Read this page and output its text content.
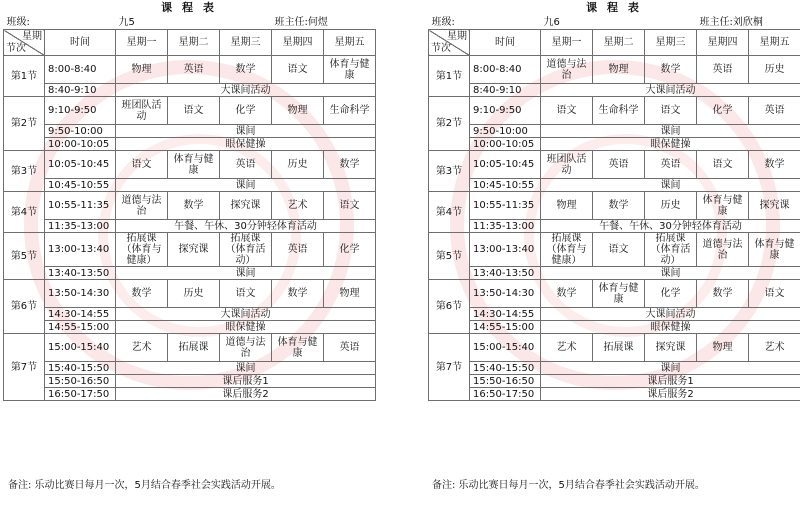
课 程 表
班级:		九5			班主任:何煜	

星期
节次	时间	星期一	星期二	星期三	星期四	星期五
第1节	8:00-8:40	物理	英语	数学	语文	体育与健康
	8:40-9:10	大课间活动				
第2节	9:10-9:50	班团队活动	语文	化学	物理	生命科学
	9:50-10:00	课间				
	10:00-10:05	眼保健操				
第3节	10:05-10:45	语文	体育与健康	英语	历史	数学
	10:45-10:55	课间				
第4节	10:55-11:35	道德与法治	数学	探究课	艺术	语文
	11:35-13:00	午餐、午休、30分钟轻体育活动				
第5节	13:00-13:40	拓展课（体育与健康）	探究课	拓展课（体育活动）	英语	化学
	13:40-13:50	课间				
第6节	13:50-14:30	数学	历史	语文	数学	物理
	14:30-14:55	大课间活动				
	14:55-15:00	眼保健操				
第7节	15:00-15:40	艺术	拓展课	道德与法治	体育与健康	英语
	15:40-15:50	课间				
	15:50-16:50	课后服务1				
	16:50-17:50	课后服务2				
课 程 表
班级:		九6			班主任:刘欣桐	

星期
节次	时间	星期一	星期二	星期三	星期四	星期五
第1节	8:00-8:40	道德与法治	物理	数学	英语	历史
	8:40-9:10	大课间活动				
第2节	9:10-9:50	语文	生命科学	语文	化学	英语
	9:50-10:00	课间				
	10:00-10:05	眼保健操				
第3节	10:05-10:45	班团队活动	英语	英语	语文	数学
	10:45-10:55	课间				
第4节	10:55-11:35	物理	数学	历史	体育与健康	探究课
	11:35-13:00	午餐、午休、30分钟轻体育活动				
第5节	13:00-13:40	拓展课（体育与健康）	语文	拓展课（体育活动）	道德与法治	体育与健康
	13:40-13:50	课间				
第6节	13:50-14:30	数学	体育与健康	化学	数学	语文
	14:30-14:55	大课间活动				
	14:55-15:00	眼保健操				
第7节	15:00-15:40	艺术	拓展课	探究课	物理	艺术
	15:40-15:50	课间				
	15:50-16:50	课后服务1				
	16:50-17:50	课后服务2				
备注: 乐动比赛日每月一次，5月结合春季社会实践活动开展。	备注: 乐动比赛日每月一次，5月结合春季社会实践活动开展。
